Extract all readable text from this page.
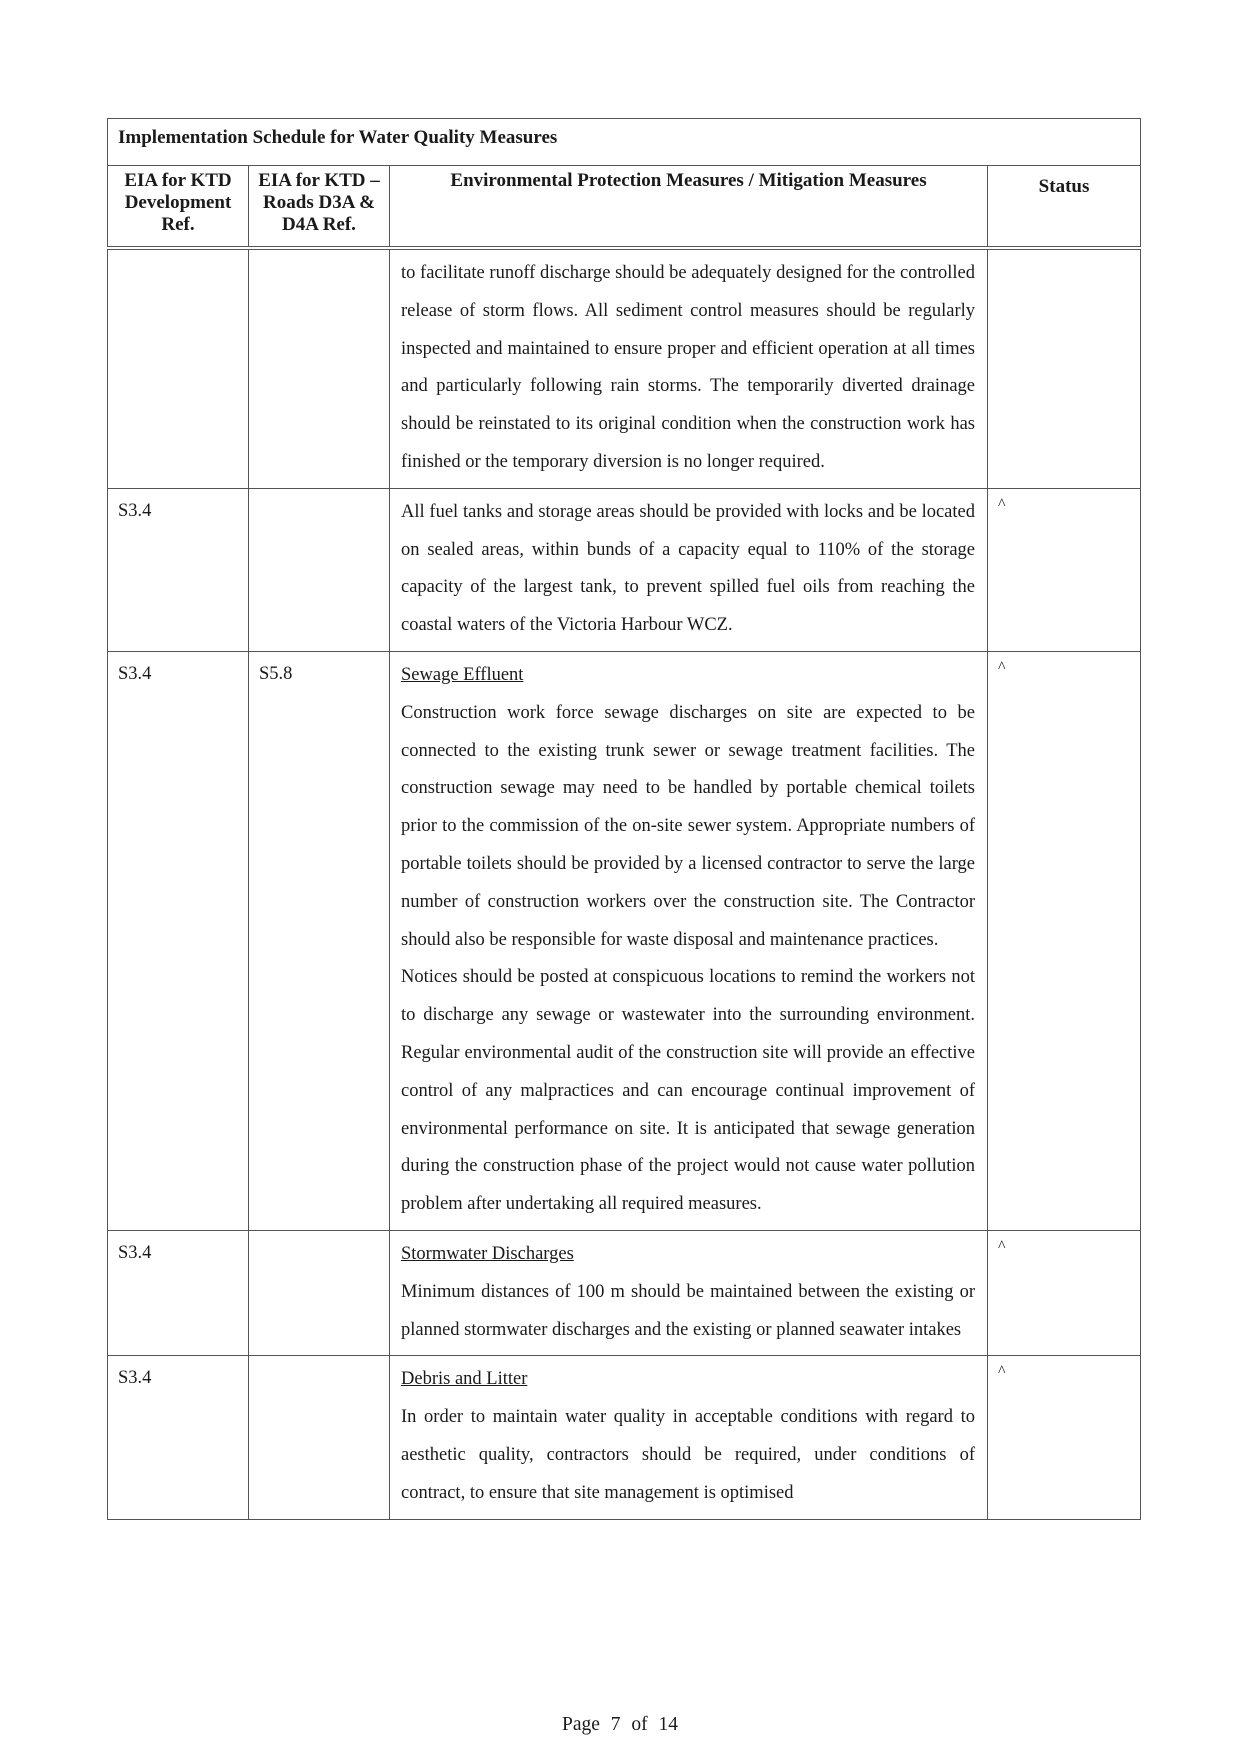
Implementation Schedule for Water Quality Measures			
EIA for KTD Development Ref.	EIA for KTD – Roads D3A & D4A Ref.	Environmental Protection Measures / Mitigation Measures	Status

		to facilitate runoff discharge should be adequately designed for the controlled release of storm flows. All sediment control measures should be regularly inspected and maintained to ensure proper and efficient operation at all times and particularly following rain storms. The temporarily diverted drainage should be reinstated to its original condition when the construction work has finished or the temporary diversion is no longer required.	

S3.4		All fuel tanks and storage areas should be provided with locks and be located on sealed areas, within bunds of a capacity equal to 110% of the storage capacity of the largest tank, to prevent spilled fuel oils from reaching the coastal waters of the Victoria Harbour WCZ.	^
S3.4	S5.8	Sewage Effluent

Construction work force sewage discharges on site are expected to be connected to the existing trunk sewer or sewage treatment facilities. The construction sewage may need to be handled by portable chemical toilets prior to the commission of the on-site sewer system. Appropriate numbers of portable toilets should be provided by a licensed contractor to serve the large number of construction workers over the construction site. The Contractor should also be responsible for waste disposal and maintenance practices.

Notices should be posted at conspicuous locations to remind the workers not to discharge any sewage or wastewater into the surrounding environment. Regular environmental audit of the construction site will provide an effective control of any malpractices and can encourage continual improvement of environmental performance on site. It is anticipated that sewage generation during the construction phase of the project would not cause water pollution problem after undertaking all required measures.	^
S3.4		Stormwater Discharges

Minimum distances of 100 m should be maintained between the existing or planned stormwater discharges and the existing or planned seawater intakes	^
S3.4		Debris and Litter

In order to maintain water quality in acceptable conditions with regard to aesthetic quality, contractors should be required, under conditions of contract, to ensure that site management is optimised	^
Page 7 of 14
